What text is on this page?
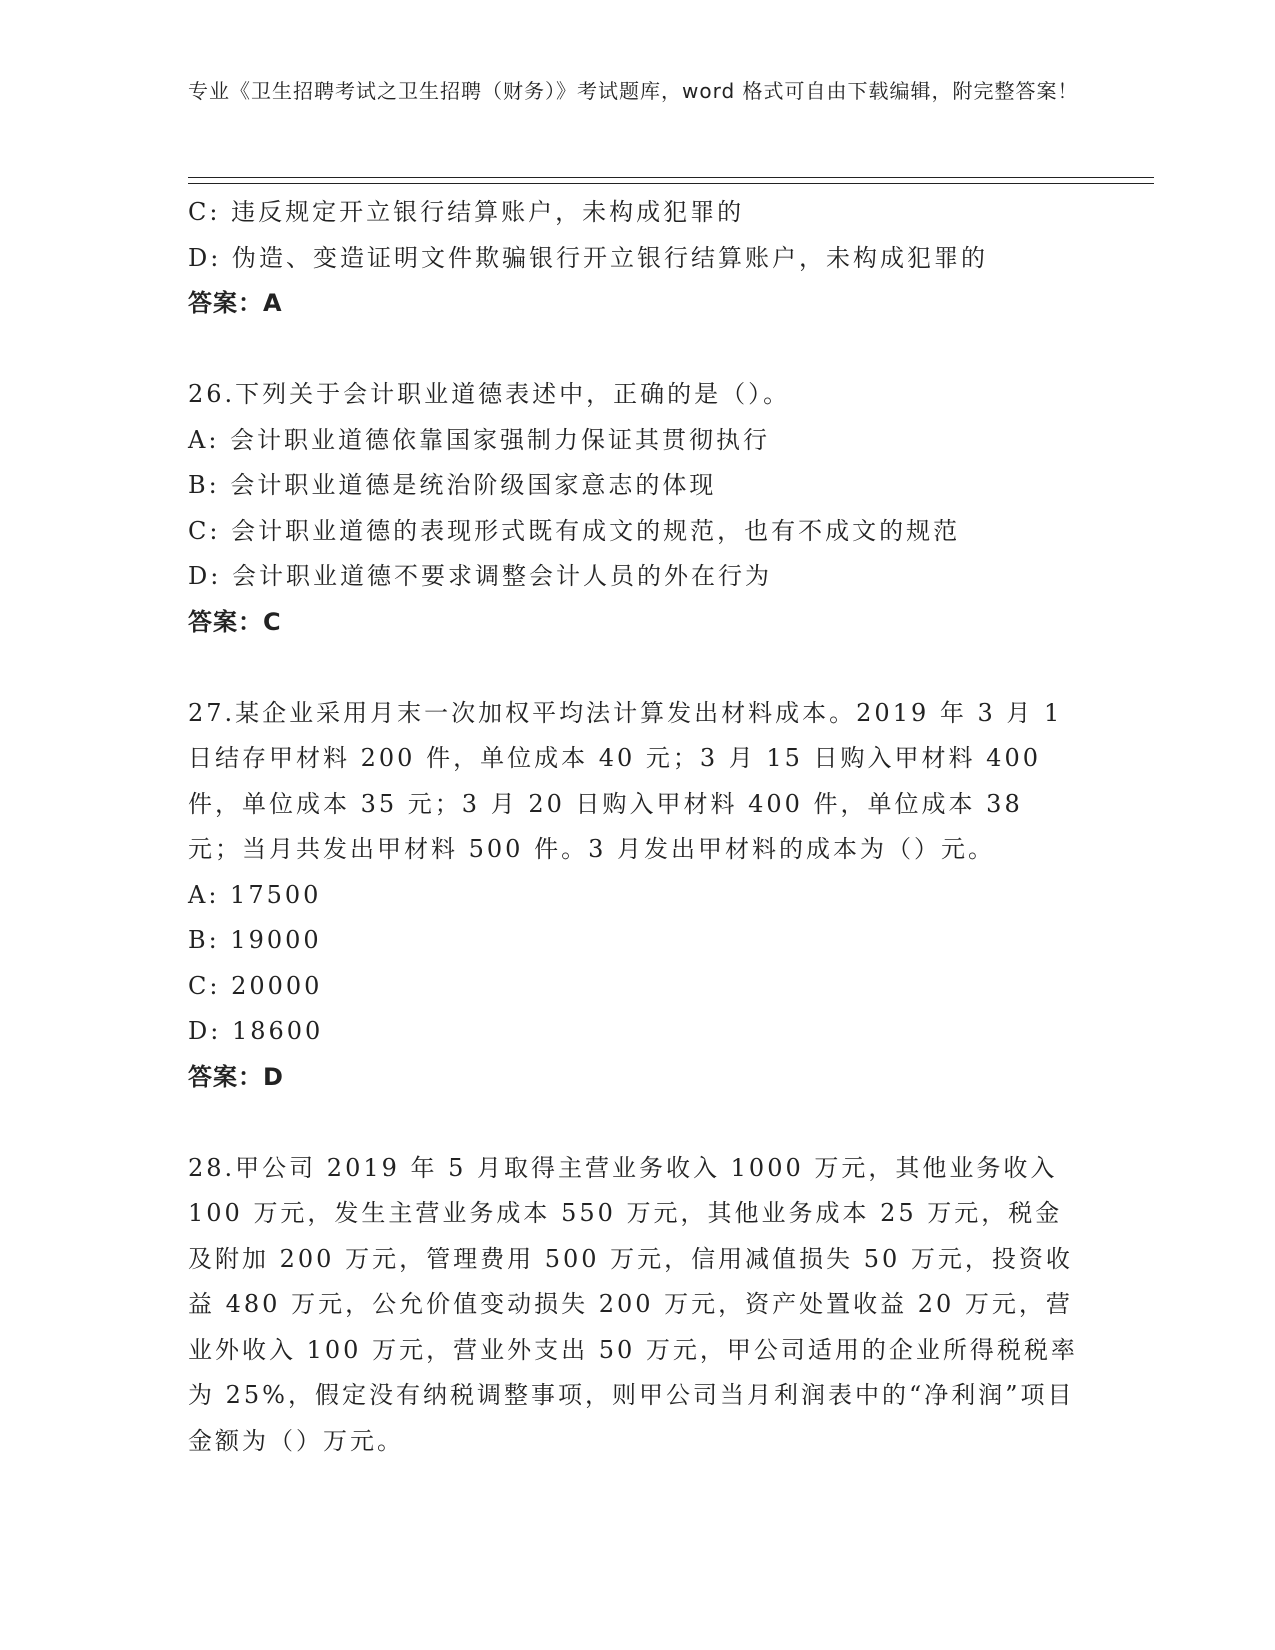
专业《卫生招聘考试之卫生招聘（财务）》考试题库，word 格式可自由下载编辑，附完整答案！
C: 违反规定开立银行结算账户，未构成犯罪的
D: 伪造、变造证明文件欺骗银行开立银行结算账户，未构成犯罪的
答案：A
26.下列关于会计职业道德表述中，正确的是（）。
A: 会计职业道德依靠国家强制力保证其贯彻执行
B: 会计职业道德是统治阶级国家意志的体现
C: 会计职业道德的表现形式既有成文的规范，也有不成文的规范
D: 会计职业道德不要求调整会计人员的外在行为
答案：C
27.某企业采用月末一次加权平均法计算发出材料成本。2019 年 3 月 1 日结存甲材料 200 件，单位成本 40 元；3 月 15 日购入甲材料 400 件，单位成本 35 元；3 月 20 日购入甲材料 400 件，单位成本 38 元；当月共发出甲材料 500 件。3 月发出甲材料的成本为（）元。
A: 17500
B: 19000
C: 20000
D: 18600
答案：D
28.甲公司 2019 年 5 月取得主营业务收入 1000 万元，其他业务收入 100 万元，发生主营业务成本 550 万元，其他业务成本 25 万元，税金及附加 200 万元，管理费用 500 万元，信用减值损失 50 万元，投资收益 480 万元，公允价值变动损失 200 万元，资产处置收益 20 万元，营业外收入 100 万元，营业外支出 50 万元，甲公司适用的企业所得税税率为 25%，假定没有纳税调整事项，则甲公司当月利润表中的“净利润”项目金额为（）万元。
